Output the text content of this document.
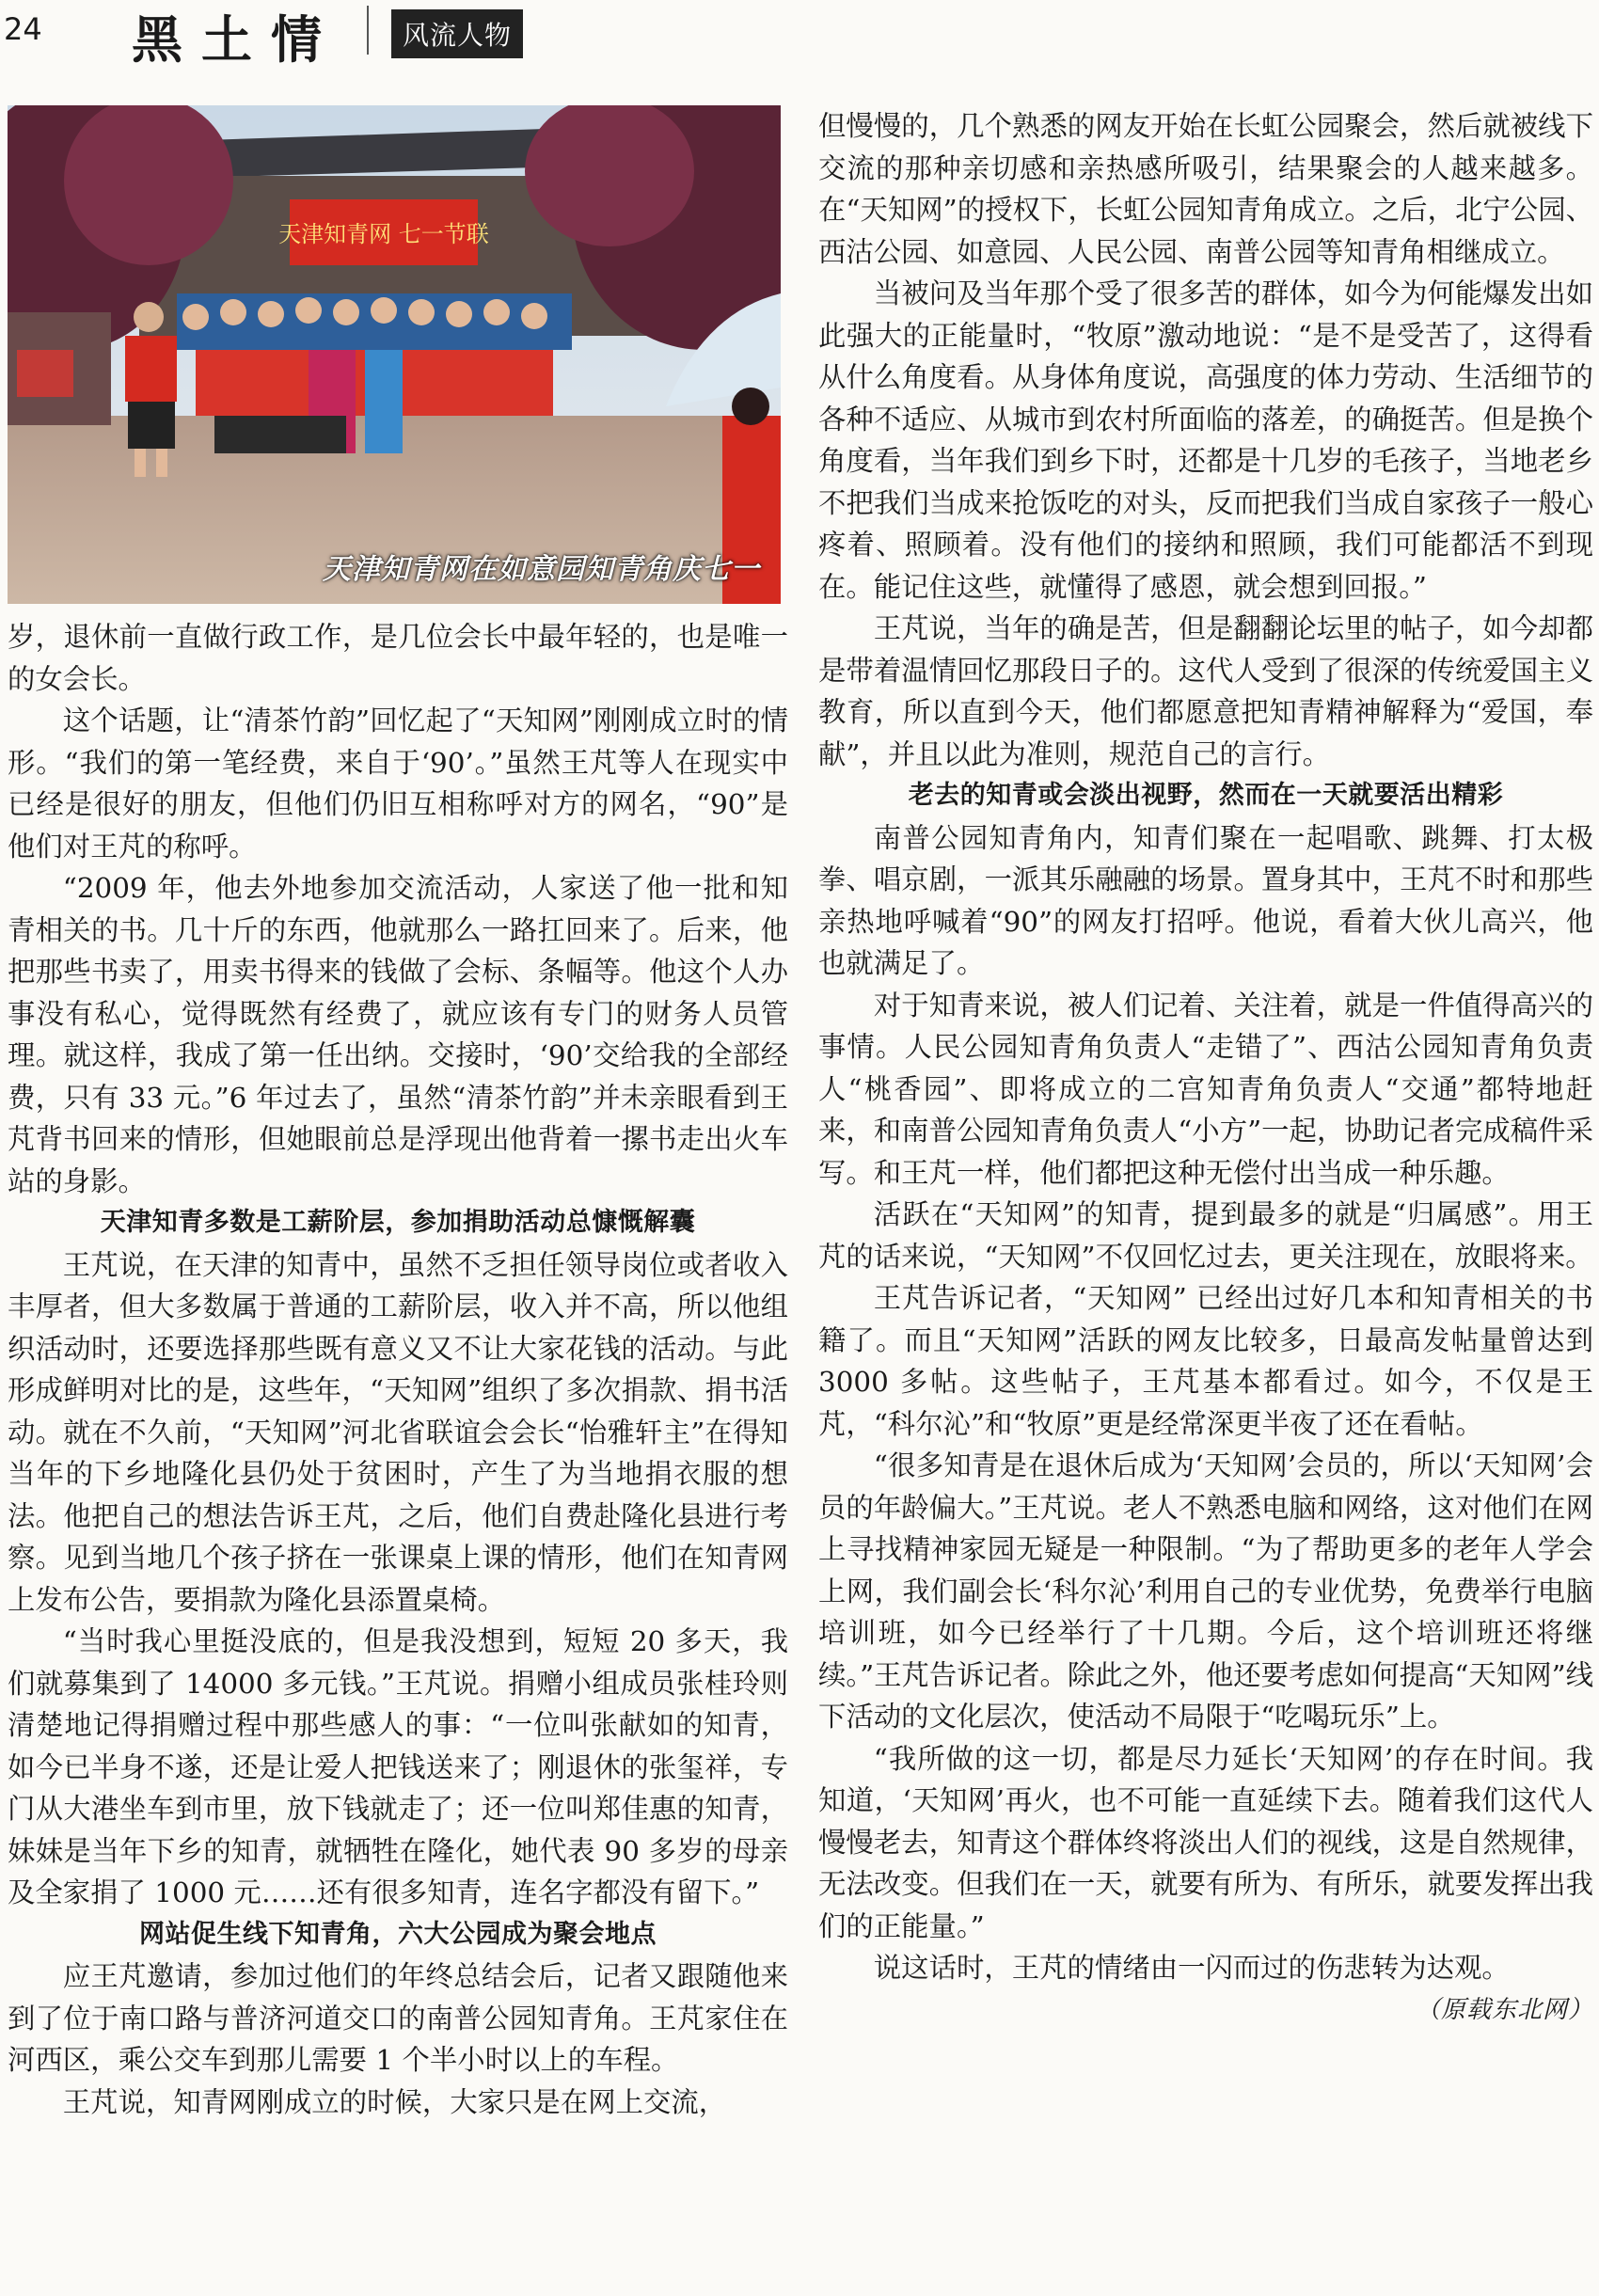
24 黑土情	风流人物
天津知青网 七一节联
天津知青网在如意园知青角庆七一

岁，退休前一直做行政工作，是几位会长中最年轻的，也是唯一的女会长。

这个话题，让“清茶竹韵”回忆起了“天知网”刚刚成立时的情形。“我们的第一笔经费，来自于‘90’。”虽然王芃等人在现实中已经是很好的朋友，但他们仍旧互相称呼对方的网名，“90”是他们对王芃的称呼。

“2009 年，他去外地参加交流活动，人家送了他一批和知青相关的书。几十斤的东西，他就那么一路扛回来了。后来，他把那些书卖了，用卖书得来的钱做了会标、条幅等。他这个人办事没有私心，觉得既然有经费了，就应该有专门的财务人员管理。就这样，我成了第一任出纳。交接时，‘90’交给我的全部经费，只有 33 元。”6 年过去了，虽然“清茶竹韵”并未亲眼看到王芃背书回来的情形，但她眼前总是浮现出他背着一摞书走出火车站的身影。

天津知青多数是工薪阶层，参加捐助活动总慷慨解囊

王芃说，在天津的知青中，虽然不乏担任领导岗位或者收入丰厚者，但大多数属于普通的工薪阶层，收入并不高，所以他组织活动时，还要选择那些既有意义又不让大家花钱的活动。与此形成鲜明对比的是，这些年，“天知网”组织了多次捐款、捐书活动。就在不久前，“天知网”河北省联谊会会长“怡雅轩主”在得知当年的下乡地隆化县仍处于贫困时，产生了为当地捐衣服的想法。他把自己的想法告诉王芃，之后，他们自费赴隆化县进行考察。见到当地几个孩子挤在一张课桌上课的情形，他们在知青网上发布公告，要捐款为隆化县添置桌椅。

“当时我心里挺没底的，但是我没想到，短短 20 多天，我们就募集到了 14000 多元钱。”王芃说。捐赠小组成员张桂玲则清楚地记得捐赠过程中那些感人的事：“一位叫张献如的知青，如今已半身不遂，还是让爱人把钱送来了；刚退休的张玺祥，专门从大港坐车到市里，放下钱就走了；还一位叫郑佳惠的知青，妹妹是当年下乡的知青，就牺牲在隆化，她代表 90 多岁的母亲及全家捐了 1000 元……还有很多知青，连名字都没有留下。”

网站促生线下知青角，六大公园成为聚会地点

应王芃邀请，参加过他们的年终总结会后，记者又跟随他来到了位于南口路与普济河道交口的南普公园知青角。王芃家住在河西区，乘公交车到那儿需要 1 个半小时以上的车程。

王芃说，知青网刚成立的时候，大家只是在网上交流，

但慢慢的，几个熟悉的网友开始在长虹公园聚会，然后就被线下交流的那种亲切感和亲热感所吸引，结果聚会的人越来越多。在“天知网”的授权下，长虹公园知青角成立。之后，北宁公园、西沽公园、如意园、人民公园、南普公园等知青角相继成立。

当被问及当年那个受了很多苦的群体，如今为何能爆发出如此强大的正能量时，“牧原”激动地说：“是不是受苦了，这得看从什么角度看。从身体角度说，高强度的体力劳动、生活细节的各种不适应、从城市到农村所面临的落差，的确挺苦。但是换个角度看，当年我们到乡下时，还都是十几岁的毛孩子，当地老乡不把我们当成来抢饭吃的对头，反而把我们当成自家孩子一般心疼着、照顾着。没有他们的接纳和照顾，我们可能都活不到现在。能记住这些，就懂得了感恩，就会想到回报。”

王芃说，当年的确是苦，但是翻翻论坛里的帖子，如今却都是带着温情回忆那段日子的。这代人受到了很深的传统爱国主义教育，所以直到今天，他们都愿意把知青精神解释为“爱国，奉献”，并且以此为准则，规范自己的言行。

老去的知青或会淡出视野，然而在一天就要活出精彩

南普公园知青角内，知青们聚在一起唱歌、跳舞、打太极拳、唱京剧，一派其乐融融的场景。置身其中，王芃不时和那些亲热地呼喊着“90”的网友打招呼。他说，看着大伙儿高兴，他也就满足了。

对于知青来说，被人们记着、关注着，就是一件值得高兴的事情。人民公园知青角负责人“走错了”、西沽公园知青角负责人“桃香园”、即将成立的二宫知青角负责人“交通”都特地赶来，和南普公园知青角负责人“小方”一起，协助记者完成稿件采写。和王芃一样，他们都把这种无偿付出当成一种乐趣。

活跃在“天知网”的知青，提到最多的就是“归属感”。用王芃的话来说，“天知网”不仅回忆过去，更关注现在，放眼将来。

王芃告诉记者，“天知网” 已经出过好几本和知青相关的书籍了。而且“天知网”活跃的网友比较多，日最高发帖量曾达到 3000 多帖。这些帖子，王芃基本都看过。如今，不仅是王芃，“科尔沁”和“牧原”更是经常深更半夜了还在看帖。

“很多知青是在退休后成为‘天知网’会员的，所以‘天知网’会员的年龄偏大。”王芃说。老人不熟悉电脑和网络，这对他们在网上寻找精神家园无疑是一种限制。“为了帮助更多的老年人学会上网，我们副会长‘科尔沁’利用自己的专业优势，免费举行电脑培训班，如今已经举行了十几期。今后，这个培训班还将继续。”王芃告诉记者。除此之外，他还要考虑如何提高“天知网”线下活动的文化层次，使活动不局限于“吃喝玩乐”上。

“我所做的这一切，都是尽力延长‘天知网’的存在时间。我知道，‘天知网’再火，也不可能一直延续下去。随着我们这代人慢慢老去，知青这个群体终将淡出人们的视线，这是自然规律，无法改变。但我们在一天，就要有所为、有所乐，就要发挥出我们的正能量。”

说这话时，王芃的情绪由一闪而过的伤悲转为达观。

（原载东北网）
